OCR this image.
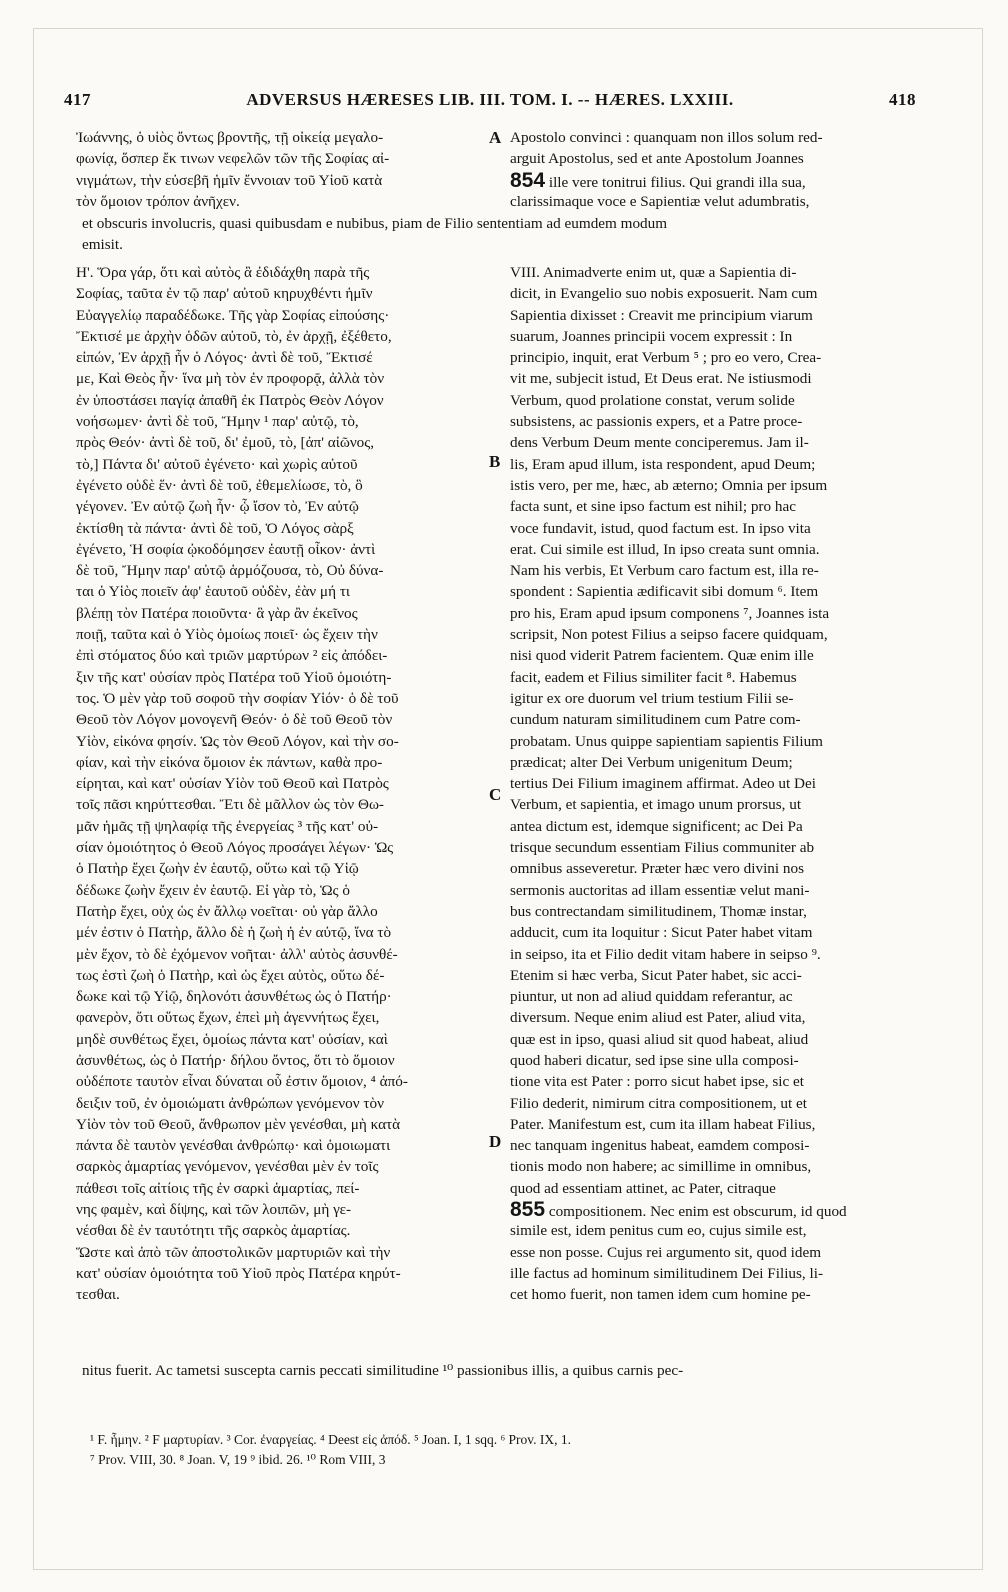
417	ADVERSUS HÆRESES LIB. III. TOM. I. -- HÆRES. LXXIII.	418
Ἰωάννης, ὁ υἱὸς ὄντως βροντῆς, τῇ οἰκείᾳ μεγαλο-
φωνίᾳ, ὅσπερ ἔκ τινων νεφελῶν τῶν τῆς Σοφίας αἰ-
νιγμάτων, τὴν εὐσεβῆ ἡμῖν ἔννοιαν τοῦ Υἱοῦ κατὰ
τὸν ὅμοιον τρόπον ἀνῆχεν.
Apostolo convinci : quanquam non illos solum red-
arguit Apostolus, sed et ante Apostolum Joannes
854 ille vere tonitrui filius. Qui grandi illa sua,
clarissimaque voce e Sapientiæ velut adumbratis,
A
et obscuris involucris, quasi quibusdam e nubibus, piam de Filio sententiam ad eumdem modum
emisit.
Η'. Ὅρα γάρ, ὅτι καὶ αὐτὸς ἃ ἐδιδάχθη παρὰ τῆς
Σοφίας, ταῦτα ἐν τῷ παρ' αὐτοῦ κηρυχθέντι ἡμῖν
Εὐαγγελίῳ παραδέδωκε. Τῆς γὰρ Σοφίας εἰπούσης·
Ἔκτισέ με ἀρχὴν ὁδῶν αὐτοῦ, τὸ, ἐν ἀρχῇ, ἐξέθετο,
εἰπών, Ἐν ἀρχῇ ἦν ὁ Λόγος· ἀντὶ δὲ τοῦ, Ἔκτισέ
με, Καὶ Θεὸς ἦν· ἵνα μὴ τὸν ἐν προφορᾷ, ἀλλὰ τὸν
ἐν ὑποστάσει παγίᾳ ἀπαθῆ ἐκ Πατρὸς Θεὸν Λόγον
νοήσωμεν· ἀντὶ δὲ τοῦ, Ἤμην ¹ παρ' αὐτῷ, τὸ,
πρὸς Θεόν· ἀντὶ δὲ τοῦ, δι' ἐμοῦ, τὸ, [ἀπ' αἰῶνος,
τὸ,] Πάντα δι' αὐτοῦ ἐγένετο· καὶ χωρὶς αὐτοῦ
ἐγένετο οὐδὲ ἕν· ἀντὶ δὲ τοῦ, ἐθεμελίωσε, τὸ, ὃ
γέγονεν. Ἐν αὐτῷ ζωὴ ἦν· ᾧ ἴσον τὸ, Ἐν αὐτῷ
ἐκτίσθη τὰ πάντα· ἀντὶ δὲ τοῦ, Ὁ Λόγος σὰρξ
ἐγένετο, Ἡ σοφία ᾠκοδόμησεν ἑαυτῇ οἶκον· ἀντὶ
δὲ τοῦ, Ἤμην παρ' αὐτῷ ἁρμόζουσα, τὸ, Οὐ δύνα-
ται ὁ Υἱὸς ποιεῖν ἀφ' ἑαυτοῦ οὐδὲν, ἐὰν μή τι
βλέπῃ τὸν Πατέρα ποιοῦντα· ἃ γὰρ ἂν ἐκεῖνος
ποιῇ, ταῦτα καὶ ὁ Υἱὸς ὁμοίως ποιεῖ· ὡς ἔχειν τὴν
ἐπὶ στόματος δύο καὶ τριῶν μαρτύρων ² εἰς ἀπόδει-
ξιν τῆς κατ' οὐσίαν πρὸς Πατέρα τοῦ Υἱοῦ ὁμοιότη-
τος. Ὁ μὲν γὰρ τοῦ σοφοῦ τὴν σοφίαν Υἱόν· ὁ δὲ τοῦ
Θεοῦ τὸν Λόγον μονογενῆ Θεόν· ὁ δὲ τοῦ Θεοῦ τὸν
Υἱὸν, εἰκόνα φησίν. Ὡς τὸν Θεοῦ Λόγον, καὶ τὴν σο-
φίαν, καὶ τὴν εἰκόνα ὅμοιον ἐκ πάντων, καθὰ προ-
είρηται, καὶ κατ' οὐσίαν Υἱὸν τοῦ Θεοῦ καὶ Πατρὸς
τοῖς πᾶσι κηρύττεσθαι. Ἔτι δὲ μᾶλλον ὡς τὸν Θω-
μᾶν ἡμᾶς τῇ ψηλαφίᾳ τῆς ἐνεργείας ³ τῆς κατ' οὐ-
σίαν ὁμοιότητος ὁ Θεοῦ Λόγος προσάγει λέγων· Ὡς
ὁ Πατὴρ ἔχει ζωὴν ἐν ἑαυτῷ, οὕτω καὶ τῷ Υἱῷ
δέδωκε ζωὴν ἔχειν ἐν ἑαυτῷ. Εἰ γὰρ τὸ, Ὡς ὁ
Πατὴρ ἔχει, οὐχ ὡς ἐν ἄλλῳ νοεῖται· οὐ γὰρ ἄλλο
μέν ἐστιν ὁ Πατὴρ, ἄλλο δὲ ἡ ζωὴ ἡ ἐν αὐτῷ, ἵνα τὸ
μὲν ἔχον, τὸ δὲ ἐχόμενον νοῆται· ἀλλ' αὐτὸς ἀσυνθέ-
τως ἐστὶ ζωὴ ὁ Πατὴρ, καὶ ὡς ἔχει αὐτὸς, οὕτω δέ-
δωκε καὶ τῷ Υἱῷ, δηλονότι ἀσυνθέτως ὡς ὁ Πατήρ·
φανερὸν, ὅτι οὕτως ἔχων, ἐπεὶ μὴ ἀγεννήτως ἔχει,
μηδὲ συνθέτως ἔχει, ὁμοίως πάντα κατ' οὐσίαν, καὶ
ἀσυνθέτως, ὡς ὁ Πατήρ· δήλου ὄντος, ὅτι τὸ ὅμοιον
οὐδέποτε ταυτὸν εἶναι δύναται οὗ ἐστιν ὅμοιον, ⁴ ἀπό-
δειξιν τοῦ, ἐν ὁμοιώματι ἀνθρώπων γενόμενον τὸν
Υἱὸν τὸν τοῦ Θεοῦ, ἄνθρωπον μὲν γενέσθαι, μὴ κατὰ
πάντα δὲ ταυτὸν γενέσθαι ἀνθρώπῳ· καὶ ὁμοιωματι
σαρκὸς ἁμαρτίας γενόμενον, γενέσθαι μὲν ἐν τοῖς
πάθεσι τοῖς αἰτίοις τῆς ἐν σαρκὶ ἁμαρτίας, πεί-
νης φαμὲν, καὶ δίψης, καὶ τῶν λοιπῶν, μὴ γε-
νέσθαι δὲ ἐν ταυτότητι τῆς σαρκὸς ἁμαρτίας.
Ὥστε καὶ ἀπὸ τῶν ἀποστολικῶν μαρτυριῶν καὶ τὴν
κατ' οὐσίαν ὁμοιότητα τοῦ Υἱοῦ πρὸς Πατέρα κηρύτ-
τεσθαι.
VIII. Animadverte enim ut, quæ a Sapientia di-
dicit, in Evangelio suo nobis exposuerit. Nam cum
Sapientia dixisset : Creavit me principium viarum
suarum, Joannes principii vocem expressit : In
principio, inquit, erat Verbum ⁵ ; pro eo vero, Crea-
vit me, subjecit istud, Et Deus erat. Ne istiusmodi
Verbum, quod prolatione constat, verum solide
subsistens, ac passionis expers, et a Patre proce-
dens Verbum Deum mente conciperemus. Jam il-
lis, Eram apud illum, ista respondent, apud Deum;
istis vero, per me, hæc, ab æterno; Omnia per ipsum
facta sunt, et sine ipso factum est nihil; pro hac
voce fundavit, istud, quod factum est. In ipso vita
erat. Cui simile est illud, In ipso creata sunt omnia.
Nam his verbis, Et Verbum caro factum est, illa re-
spondent : Sapientia ædificavit sibi domum ⁶. Item
pro his, Eram apud ipsum componens ⁷, Joannes ista
scripsit, Non potest Filius a seipso facere quidquam,
nisi quod viderit Patrem facientem. Quæ enim ille
facit, eadem et Filius similiter facit ⁸. Habemus
igitur ex ore duorum vel trium testium Filii se-
cundum naturam similitudinem cum Patre com-
probatam. Unus quippe sapientiam sapientis Filium
prædicat; alter Dei Verbum unigenitum Deum;
tertius Dei Filium imaginem affirmat. Adeo ut Dei
Verbum, et sapientia, et imago unum prorsus, ut
antea dictum est, idemque significent; ac Dei Pa
trisque secundum essentiam Filius communiter ab
omnibus asseveretur. Præter hæc vero divini nos
sermonis auctoritas ad illam essentiæ velut mani-
bus contrectandam similitudinem, Thomæ instar,
adducit, cum ita loquitur : Sicut Pater habet vitam
in seipso, ita et Filio dedit vitam habere in seipso ⁹.
Etenim si hæc verba, Sicut Pater habet, sic acci-
piuntur, ut non ad aliud quiddam referantur, ac
diversum. Neque enim aliud est Pater, aliud vita,
quæ est in ipso, quasi aliud sit quod habeat, aliud
quod haberi dicatur, sed ipse sine ulla composi-
tione vita est Pater : porro sicut habet ipse, sic et
Filio dederit, nimirum citra compositionem, ut et
Pater. Manifestum est, cum ita illam habeat Filius,
nec tanquam ingenitus habeat, eamdem composi-
tionis modo non habere; ac simillime in omnibus,
quod ad essentiam attinet, ac Pater, citraque
855 compositionem. Nec enim est obscurum, id quod
simile est, idem penitus cum eo, cujus simile est,
esse non posse. Cujus rei argumento sit, quod idem
ille factus ad hominum similitudinem Dei Filius, li-
cet homo fuerit, non tamen idem cum homine pe-
B
C
D
nitus fuerit. Ac tametsi suscepta carnis peccati similitudine ¹⁰ passionibus illis, a quibus carnis pec-
¹ F. ἦμην. ² F μαρτυρίαν. ³ Cor. ἐναργείας. ⁴ Deest εἰς ἀπόδ. ⁵ Joan. I, 1 sqq. ⁶ Prov. IX, 1.
⁷ Prov. VIII, 30. ⁸ Joan. V, 19 ⁹ ibid. 26. ¹⁰ Rom VIII, 3
